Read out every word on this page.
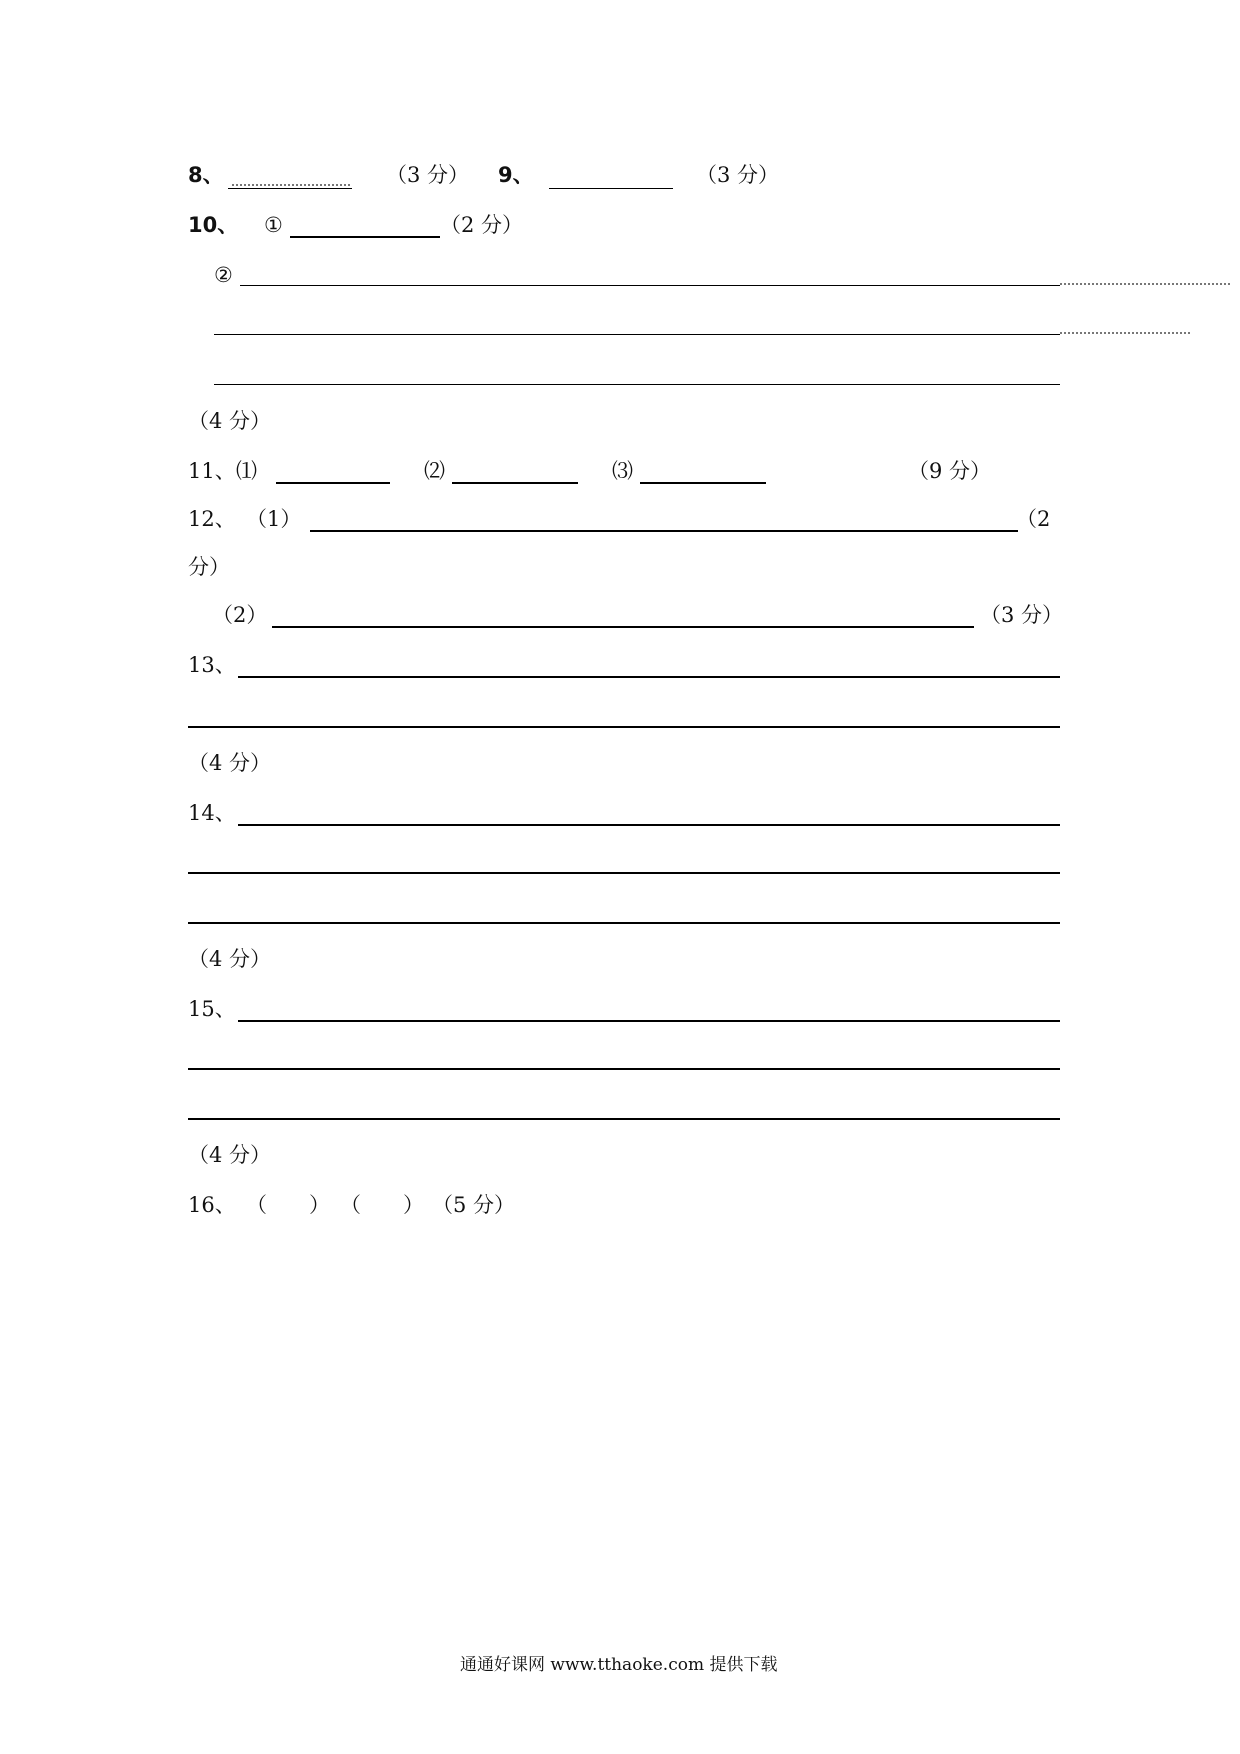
8、	（3 分） 9、	（3 分）
10、 ①	（2 分）
②
（4 分）
11、 ⑴	⑵	⑶	（9 分）
12、 （1）	（2
分）
（2）	（3 分）
13、
（4 分）
14、
（4 分）
15、
（4 分）
16、 （　　） （　　） （5 分）
通通好课网 www.tthaoke.com 提供下载
